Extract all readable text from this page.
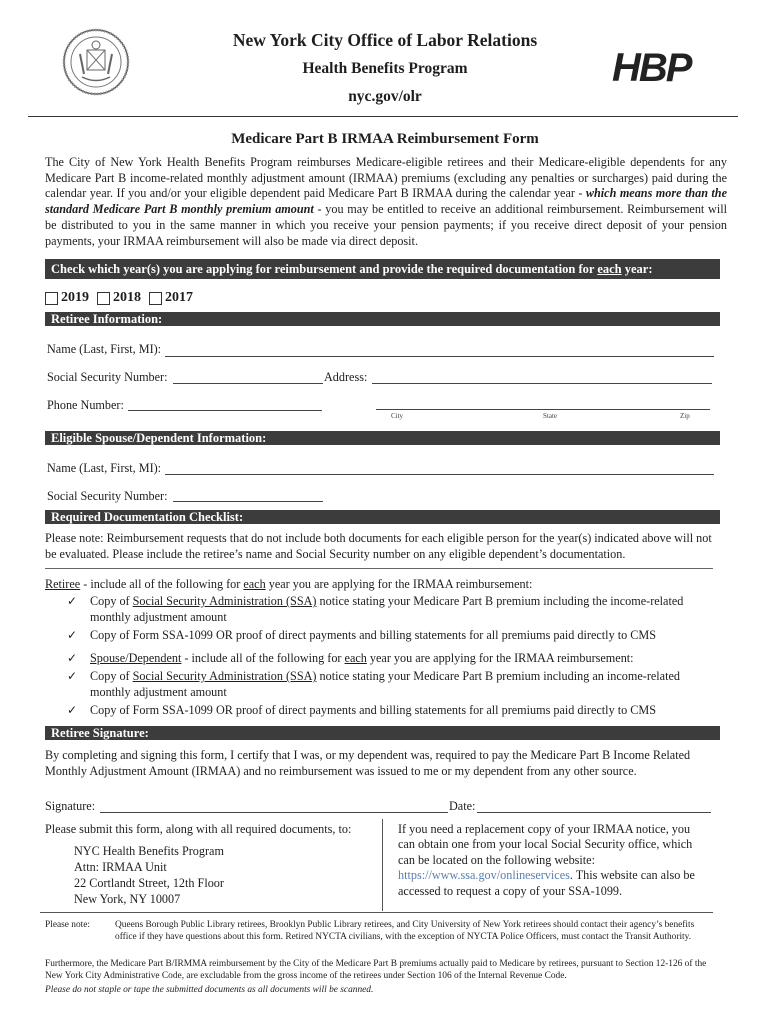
New York City Office of Labor Relations
Health Benefits Program
nyc.gov/olr
HBP
Medicare Part B IRMAA Reimbursement Form
The City of New York Health Benefits Program reimburses Medicare-eligible retirees and their Medicare-eligible dependents for any Medicare Part B income-related monthly adjustment amount (IRMAA) premiums (excluding any penalties or surcharges) paid during the calendar year. If you and/or your eligible dependent paid Medicare Part B IRMAA during the calendar year - which means more than the standard Medicare Part B monthly premium amount - you may be entitled to receive an additional reimbursement. Reimbursement will be distributed to you in the same manner in which you receive your pension payments; if you receive direct deposit of your pension payments, your IRMAA reimbursement will also be made via direct deposit.
Check which year(s) you are applying for reimbursement and provide the required documentation for each year:
2019 2018 2017
Retiree Information:
Name (Last, First, MI):
Social Security Number:	Address:
Phone Number:
City	State	Zip
Eligible Spouse/Dependent Information:
Name (Last, First, MI):
Social Security Number:
Required Documentation Checklist:
Please note: Reimbursement requests that do not include both documents for each eligible person for the year(s) indicated above will not be evaluated. Please include the retiree’s name and Social Security number on any eligible dependent’s documentation.
Retiree - include all of the following for each year you are applying for the IRMAA reimbursement:
✓ Copy of Social Security Administration (SSA) notice stating your Medicare Part B premium including the income-related monthly adjustment amount
✓ Copy of Form SSA-1099 OR proof of direct payments and billing statements for all premiums paid directly to CMS
✓ Spouse/Dependent - include all of the following for each year you are applying for the IRMAA reimbursement:
✓ Copy of Social Security Administration (SSA) notice stating your Medicare Part B premium including an income-related monthly adjustment amount
✓ Copy of Form SSA-1099 OR proof of direct payments and billing statements for all premiums paid directly to CMS
Retiree Signature:
By completing and signing this form, I certify that I was, or my dependent was, required to pay the Medicare Part B Income Related Monthly Adjustment Amount (IRMAA) and no reimbursement was issued to me or my dependent from any other source.
Signature:	Date:
Please submit this form, along with all required documents, to:
NYC Health Benefits Program
Attn: IRMAA Unit
22 Cortlandt Street, 12th Floor
New York, NY 10007
If you need a replacement copy of your IRMAA notice, you can obtain one from your local Social Security office, which can be located on the following website: https://www.ssa.gov/onlineservices. This website can also be accessed to request a copy of your SSA-1099.
Please note:	Queens Borough Public Library retirees, Brooklyn Public Library retirees, and City University of New York retirees should contact their agency’s benefits office if they have questions about this form. Retired NYCTA civilians, with the exception of NYCTA Police Officers, must contact the Transit Authority.
Furthermore, the Medicare Part B/IRMMA reimbursement by the City of the Medicare Part B premiums actually paid to Medicare by retirees, pursuant to Section 12-126 of the New York City Administrative Code, are excludable from the gross income of the retirees under Section 106 of the Internal Revenue Code.
Please do not staple or tape the submitted documents as all documents will be scanned.
